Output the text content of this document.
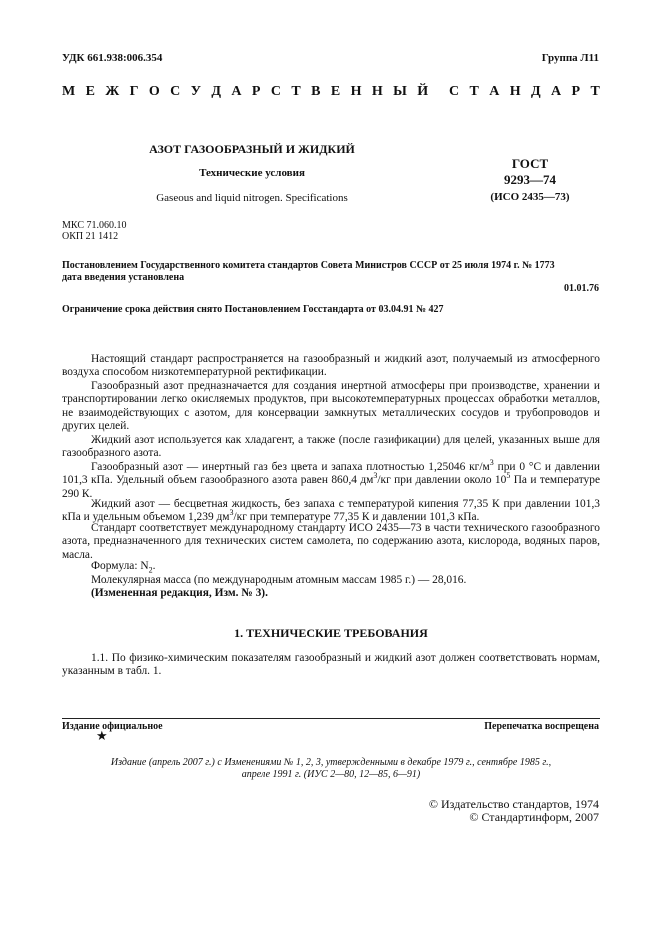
УДК 661.938:006.354	Группа Л11
М Е Ж Г О С У Д А Р С Т В Е Н Н Ы Й С Т А Н Д А Р Т
АЗОТ ГАЗООБРАЗНЫЙ И ЖИДКИЙ
Технические условия
Gaseous and liquid nitrogen. Specifications
ГОСТ
9293—74
(ИСО 2435—73)
МКС 71.060.10
ОКП 21 1412
Постановлением Государственного комитета стандартов Совета Министров СССР от 25 июля 1974 г. № 1773
дата введения установлена
01.01.76
Ограничение срока действия снято Постановлением Госстандарта от 03.04.91 № 427
Настоящий стандарт распространяется на газообразный и жидкий азот, получаемый из атмосферного воздуха способом низкотемпературной ректификации.
Газообразный азот предназначается для создания инертной атмосферы при производстве, хранении и транспортировании легко окисляемых продуктов, при высокотемпературных процессах обработки металлов, не взаимодействующих с азотом, для консервации замкнутых металлических сосудов и трубопроводов и других целей.
Жидкий азот используется как хладагент, а также (после газификации) для целей, указанных выше для газообразного азота.
Газообразный азот — инертный газ без цвета и запаха плотностью 1,25046 $кг/м^3$ при 0 °С и давлении 101,3 кПа. Удельный объем газообразного азота равен 860,4 $дм^3/кг$ при давлении около $10^5$ Па и температуре 290 К.
Жидкий азот — бесцветная жидкость, без запаха с температурой кипения 77,35 К при давлении 101,3 кПа и удельным объемом 1,239 $дм^3/кг$ при температуре 77,35 К и давлении 101,3 кПа.
Стандарт соответствует международному стандарту ИСО 2435—73 в части технического газообразного азота, предназначенного для технических систем самолета, по содержанию азота, кислорода, водяных паров, масла.
Формула: $N_2$.
Молекулярная масса (по международным атомным массам 1985 г.) — 28,016.
(Измененная редакция, Изм. № 3).
1. ТЕХНИЧЕСКИЕ ТРЕБОВАНИЯ
1.1. По физико-химическим показателям газообразный и жидкий азот должен соответствовать нормам, указанным в табл. 1.
Издание официальное	Перепечатка воспрещена
★
Издание (апрель 2007 г.) с Изменениями № 1, 2, 3, утвержденными в декабре 1979 г., сентябре 1985 г.,
апреле 1991 г. (ИУС 2—80, 12—85, 6—91)
© Издательство стандартов, 1974
© Стандартинформ, 2007
